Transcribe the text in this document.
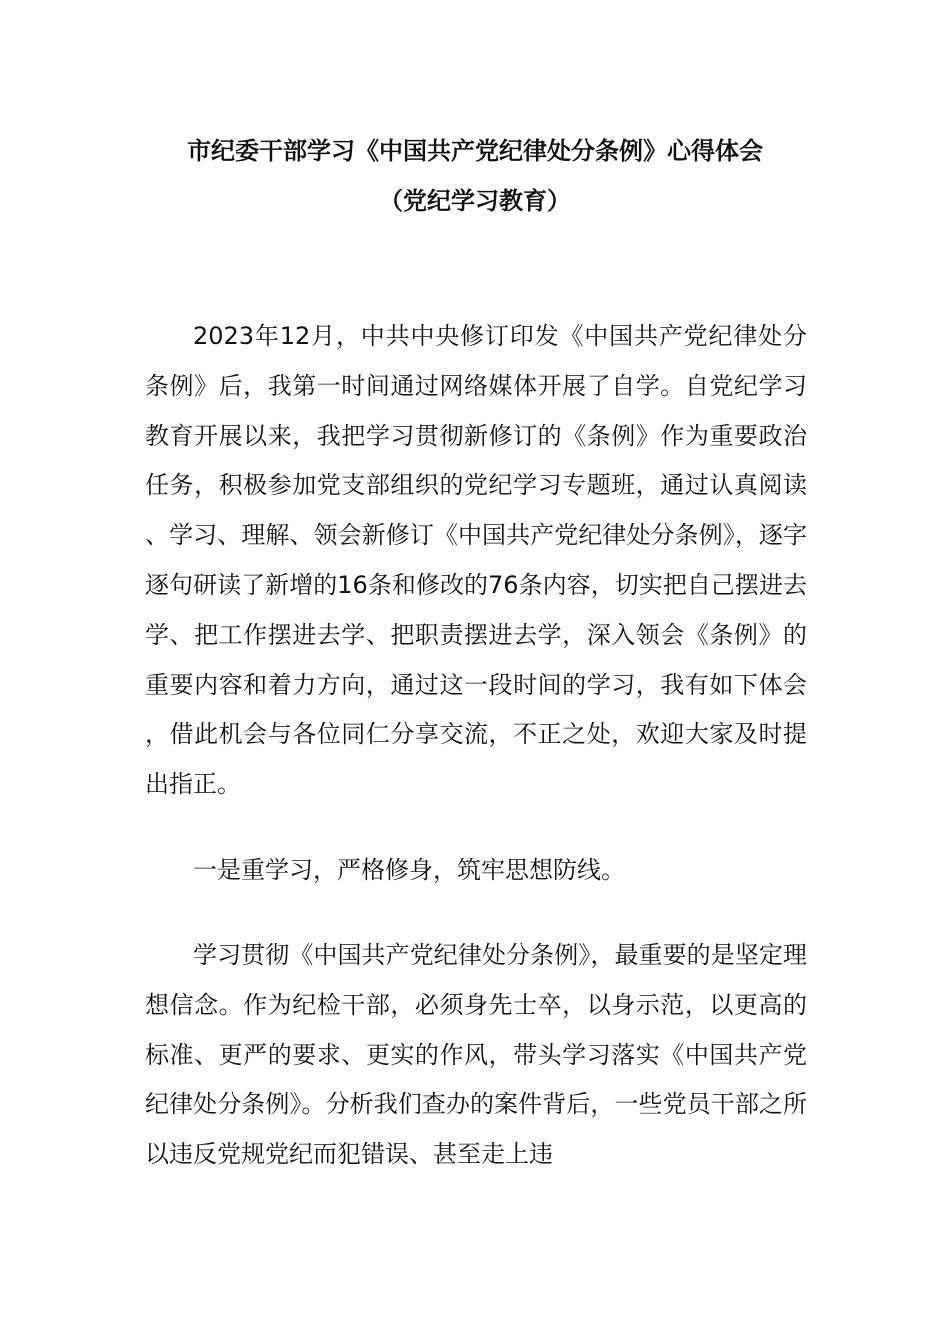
市纪委干部学习《中国共产党纪律处分条例》心得体会
（党纪学习教育）

2023年12月，中共中央修订印发《中国共产党纪律处分条例》后，我第一时间通过网络媒体开展了自学。自党纪学习教育开展以来，我把学习贯彻新修订的《条例》作为重要政治任务，积极参加党支部组织的党纪学习专题班，通过认真阅读、学习、理解、领会新修订《中国共产党纪律处分条例》，逐字逐句研读了新增的16条和修改的76条内容，切实把自己摆进去学、把工作摆进去学、把职责摆进去学，深入领会《条例》的重要内容和着力方向，通过这一段时间的学习，我有如下体会，借此机会与各位同仁分享交流，不正之处，欢迎大家及时提出指正。

一是重学习，严格修身，筑牢思想防线。

学习贯彻《中国共产党纪律处分条例》，最重要的是坚定理想信念。作为纪检干部，必须身先士卒，以身示范，以更高的标准、更严的要求、更实的作风，带头学习落实《中国共产党纪律处分条例》。分析我们查办的案件背后，一些党员干部之所以违反党规党纪而犯错误、甚至走上违
